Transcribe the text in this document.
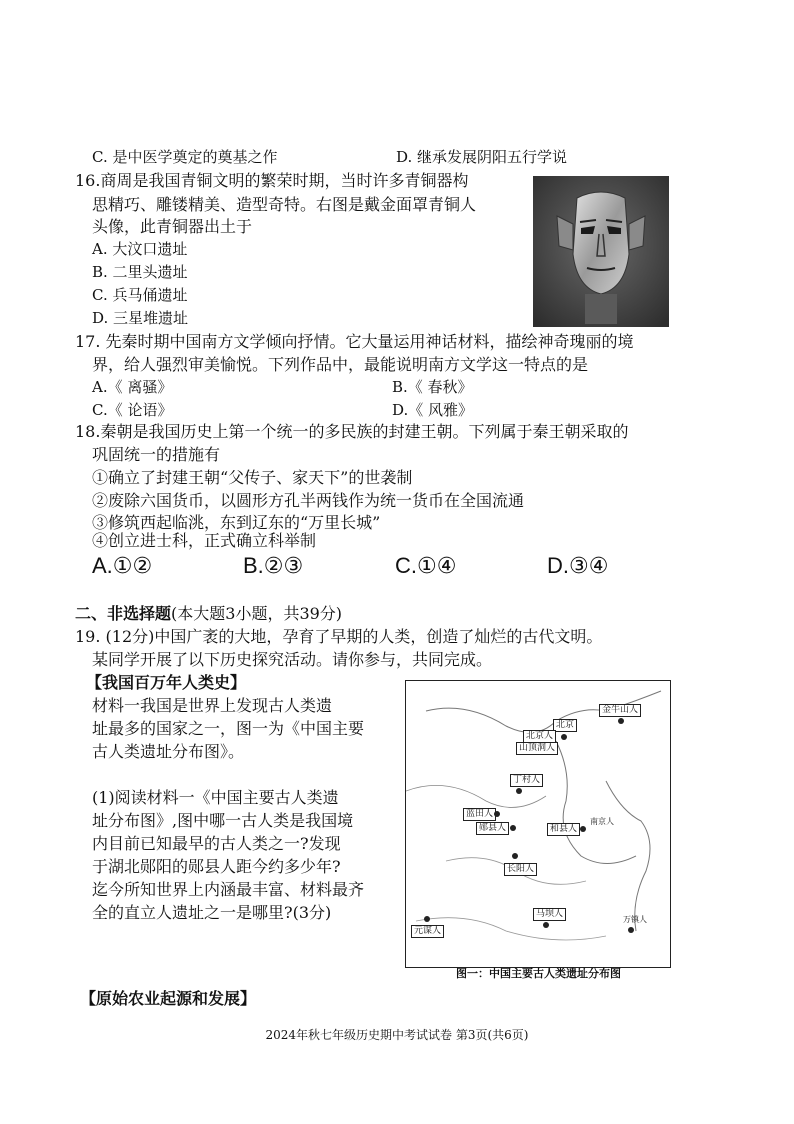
C. 是中医学奠定的奠基之作	D. 继承发展阴阳五行学说
16.商周是我国青铜文明的繁荣时期，当时许多青铜器构
思精巧、雕镂精美、造型奇特。右图是戴金面罩青铜人
头像，此青铜器出土于
A. 大汶口遗址
B. 二里头遗址
C. 兵马俑遗址
D. 三星堆遗址
17. 先秦时期中国南方文学倾向抒情。它大量运用神话材料，描绘神奇瑰丽的境
界，给人强烈审美愉悦。下列作品中，最能说明南方文学这一特点的是
A.《 离骚》	B.《 春秋》
C.《 论语》	D.《 风雅》
18.秦朝是我国历史上第一个统一的多民族的封建王朝。下列属于秦王朝采取的
巩固统一的措施有
①确立了封建王朝“父传子、家天下”的世袭制
②废除六国货币，以圆形方孔半两钱作为统一货币在全国流通
③修筑西起临洮，东到辽东的“万里长城”
④创立进士科，正式确立科举制
A.①②	B.②③	C.①④	D.③④
二、非选择题(本大题3小题，共39分)
19. (12分)中国广袤的大地，孕育了早期的人类，创造了灿烂的古代文明。
某同学开展了以下历史探究活动。请你参与，共同完成。
【我国百万年人类史】
材料一我国是世界上发现古人类遗
址最多的国家之一，图一为《中国主要
古人类遗址分布图》。
(1)阅读材料一《中国主要古人类遗
址分布图》,图中哪一古人类是我国境
内目前已知最早的古人类之一?发现
于湖北郧阳的郧县人距今约多少年?
迄今所知世界上内涵最丰富、材料最齐
全的直立人遗址之一是哪里?(3分)
金牛山人
北京
北京人
山顶洞人
丁村人
蓝田人
郧县人	和县人
南京人
长阳人
马坝人
万镇人
元谋人
图一：中国主要古人类遗址分布图
【原始农业起源和发展】
2024年秋七年级历史期中考试试卷 第3页(共6页)
